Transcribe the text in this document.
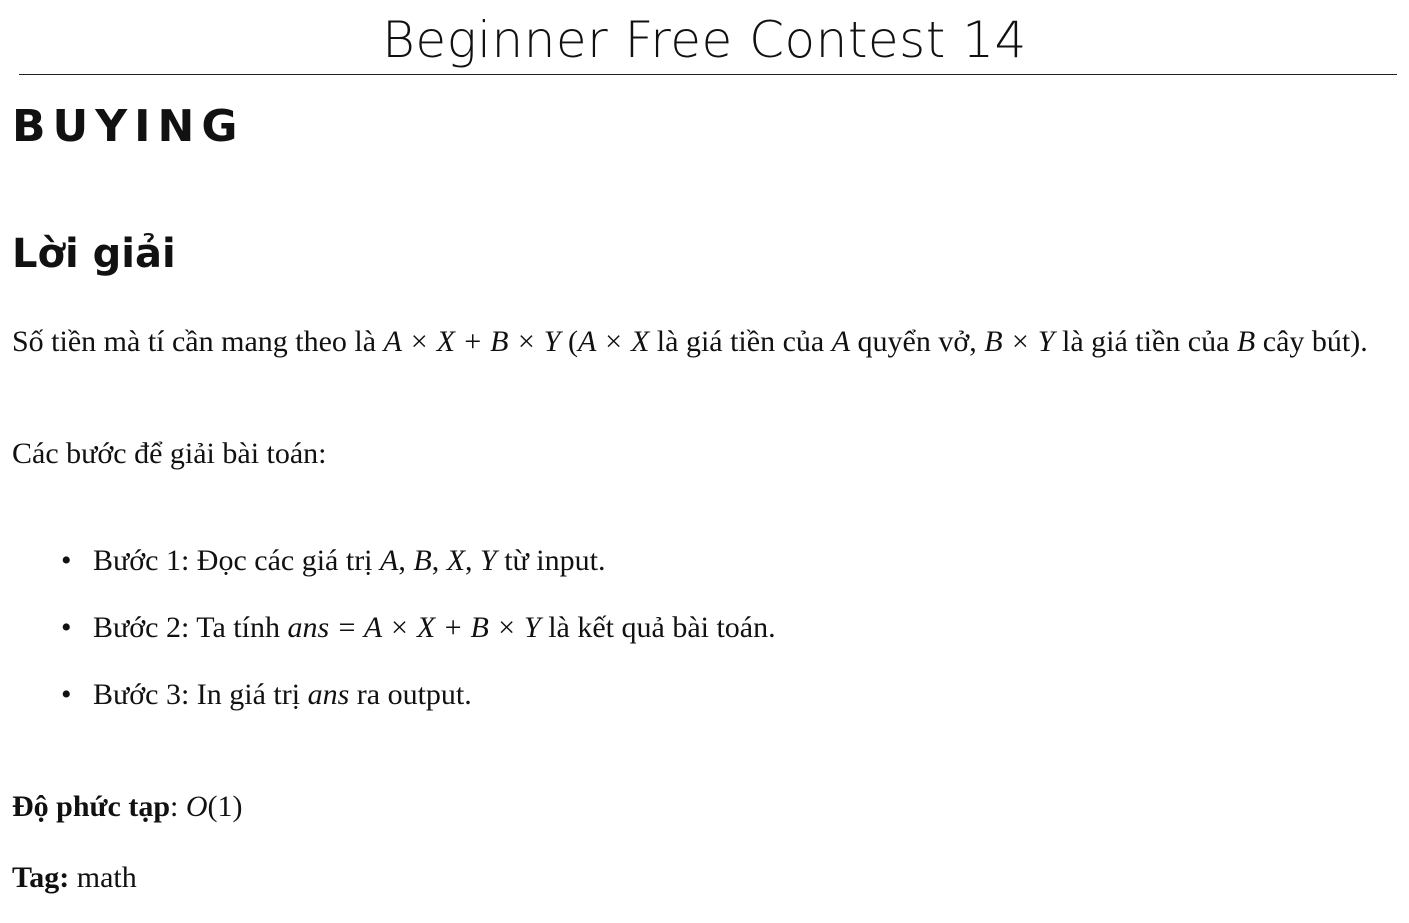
Beginner Free Contest 14
BUYING
Lời giải
Số tiền mà tí cần mang theo là A × X + B × Y (A × X là giá tiền của A quyển vở, B × Y là giá tiền của B cây bút).
Các bước để giải bài toán:
• Bước 1: Đọc các giá trị A, B, X, Y từ input.
• Bước 2: Ta tính ans = A × X + B × Y là kết quả bài toán.
• Bước 3: In giá trị ans ra output.
Độ phức tạp: O(1)
Tag: math
